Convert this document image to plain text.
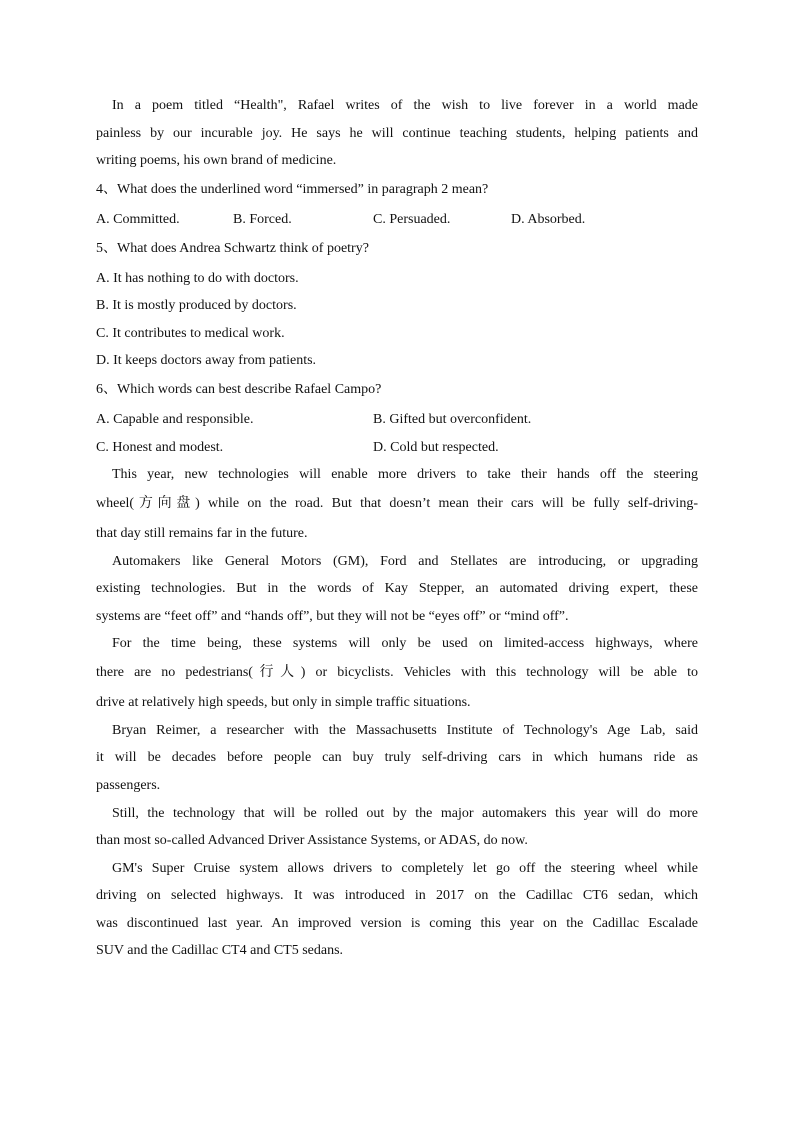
In a poem titled “Health", Rafael writes of the wish to live forever in a world made
painless by our incurable joy. He says he will continue teaching students, helping patients and
writing poems, his own brand of medicine.
4、What does the underlined word “immersed” in paragraph 2 mean?
A. Committed.	B. Forced.	C. Persuaded.	D. Absorbed.
5、What does Andrea Schwartz think of poetry?
A. It has nothing to do with doctors.
B. It is mostly produced by doctors.
C. It contributes to medical work.
D. It keeps doctors away from patients.
6、Which words can best describe Rafael Campo?
A. Capable and responsible.	B. Gifted but overconfident.
C. Honest and modest.	D. Cold but respected.
This year, new technologies will enable more drivers to take their hands off the steering
wheel(方向盘) while on the road. But that doesn’t mean their cars will be fully self-driving-
that day still remains far in the future.
Automakers like General Motors (GM), Ford and Stellates are introducing, or upgrading
existing technologies. But in the words of Kay Stepper, an automated driving expert, these
systems are “feet off” and “hands off”, but they will not be “eyes off” or “mind off”.
For the time being, these systems will only be used on limited-access highways, where
there are no pedestrians(行人) or bicyclists. Vehicles with this technology will be able to
drive at relatively high speeds, but only in simple traffic situations.
Bryan Reimer, a researcher with the Massachusetts Institute of Technology's Age Lab, said
it will be decades before people can buy truly self-driving cars in which humans ride as
passengers.
Still, the technology that will be rolled out by the major automakers this year will do more
than most so-called Advanced Driver Assistance Systems, or ADAS, do now.
GM's Super Cruise system allows drivers to completely let go off the steering wheel while
driving on selected highways. It was introduced in 2017 on the Cadillac CT6 sedan, which
was discontinued last year. An improved version is coming this year on the Cadillac Escalade
SUV and the Cadillac CT4 and CT5 sedans.
